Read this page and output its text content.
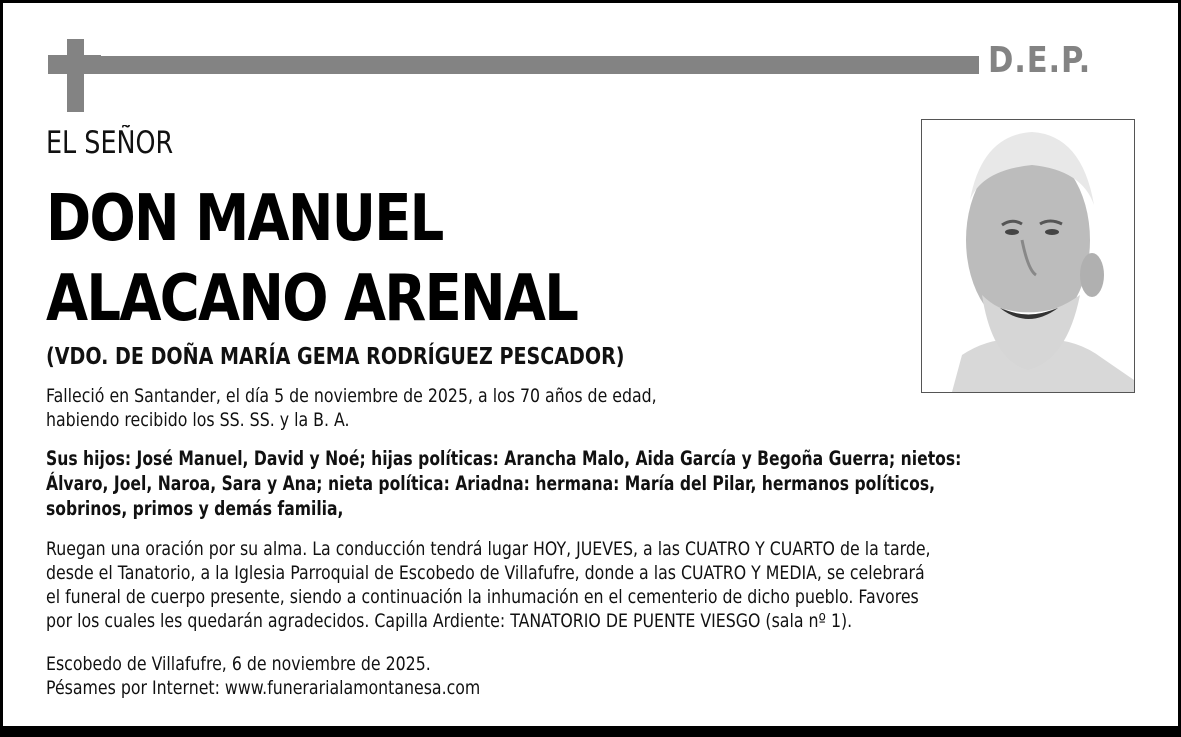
D.E.P.
EL SEÑOR
DON MANUEL
ALACANO ARENAL
(VDO. DE DOÑA MARÍA GEMA RODRÍGUEZ PESCADOR)
Falleció en Santander, el día 5 de noviembre de 2025, a los 70 años de edad,
habiendo recibido los SS. SS. y la B. A.
Sus hijos: José Manuel, David y Noé; hijas políticas: Arancha Malo, Aida García y Begoña Guerra; nietos:
Álvaro, Joel, Naroa, Sara y Ana; nieta política: Ariadna: hermana: María del Pilar, hermanos políticos,
sobrinos, primos y demás familia,
Ruegan una oración por su alma. La conducción tendrá lugar HOY, JUEVES, a las CUATRO Y CUARTO de la tarde,
desde el Tanatorio, a la Iglesia Parroquial de Escobedo de Villafufre, donde a las CUATRO Y MEDIA, se celebrará
el funeral de cuerpo presente, siendo a continuación la inhumación en el cementerio de dicho pueblo. Favores
por los cuales les quedarán agradecidos. Capilla Ardiente: TANATORIO DE PUENTE VIESGO (sala nº 1).
Escobedo de Villafufre, 6 de noviembre de 2025.
Pésames por Internet: www.funerarialamontanesa.com
